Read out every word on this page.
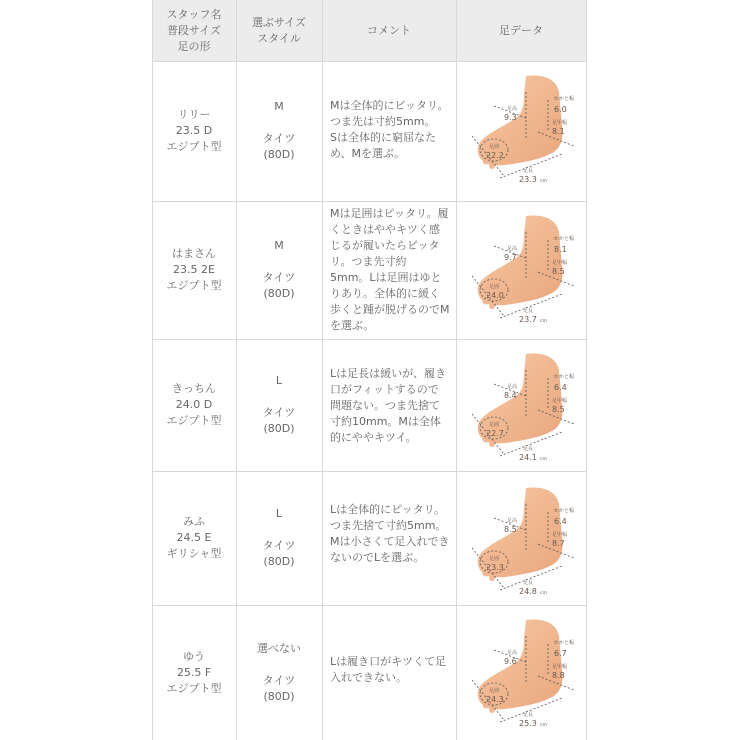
スタッフ名
普段サイズ
足の形
選ぶサイズ
スタイル
コメント	足データ
リリー
23.5 D
エジプト型
M
タイツ
(80D)
Mは全体的にピッタリ。
つま先は寸約5mm。
Sは全体的に窮屈なた
め、Mを選ぶ。
足高
9.3
かかと幅
6.0
足甲幅
8.1
足囲
22.2
足長
23.3 cm
はまさん
23.5 2E
エジプト型
M
タイツ
(80D)
Mは足囲はピッタリ。履
くときはややキツく感
じるが履いたらピッタ
リ。つま先寸約
5mm。Lは足囲はゆと
りあり。全体的に緩く
歩くと踵が脱げるのでM
を選ぶ。
足高
9.7
かかと幅
8.1
足甲幅
8.5
足囲
24.0
足長
23.7 cm
きっちん
24.0 D
エジプト型
L
タイツ
(80D)
Lは足長は緩いが、履き
口がフィットするので
問題ない。つま先捨て
寸約10mm。Mは全体
的にややキツイ。
足高
8.4
かかと幅
6.4
足甲幅
8.5
足囲
22.7
足長
24.1 cm
みふ
24.5 E
ギリシャ型
L
タイツ
(80D)
Lは全体的にピッタリ。
つま先捨て寸約5mm。
Mは小さくて足入れでき
ないのでLを選ぶ。
足高
8.5
かかと幅
6.4
足甲幅
8.7
足囲
23.3
足長
24.8 cm
ゆう
25.5 F
エジプト型
選べない
タイツ
(80D)
Lは履き口がキツくて足
入れできない。
足高
9.6
かかと幅
6.7
足甲幅
8.8
足囲
24.3
足長
25.3 cm
